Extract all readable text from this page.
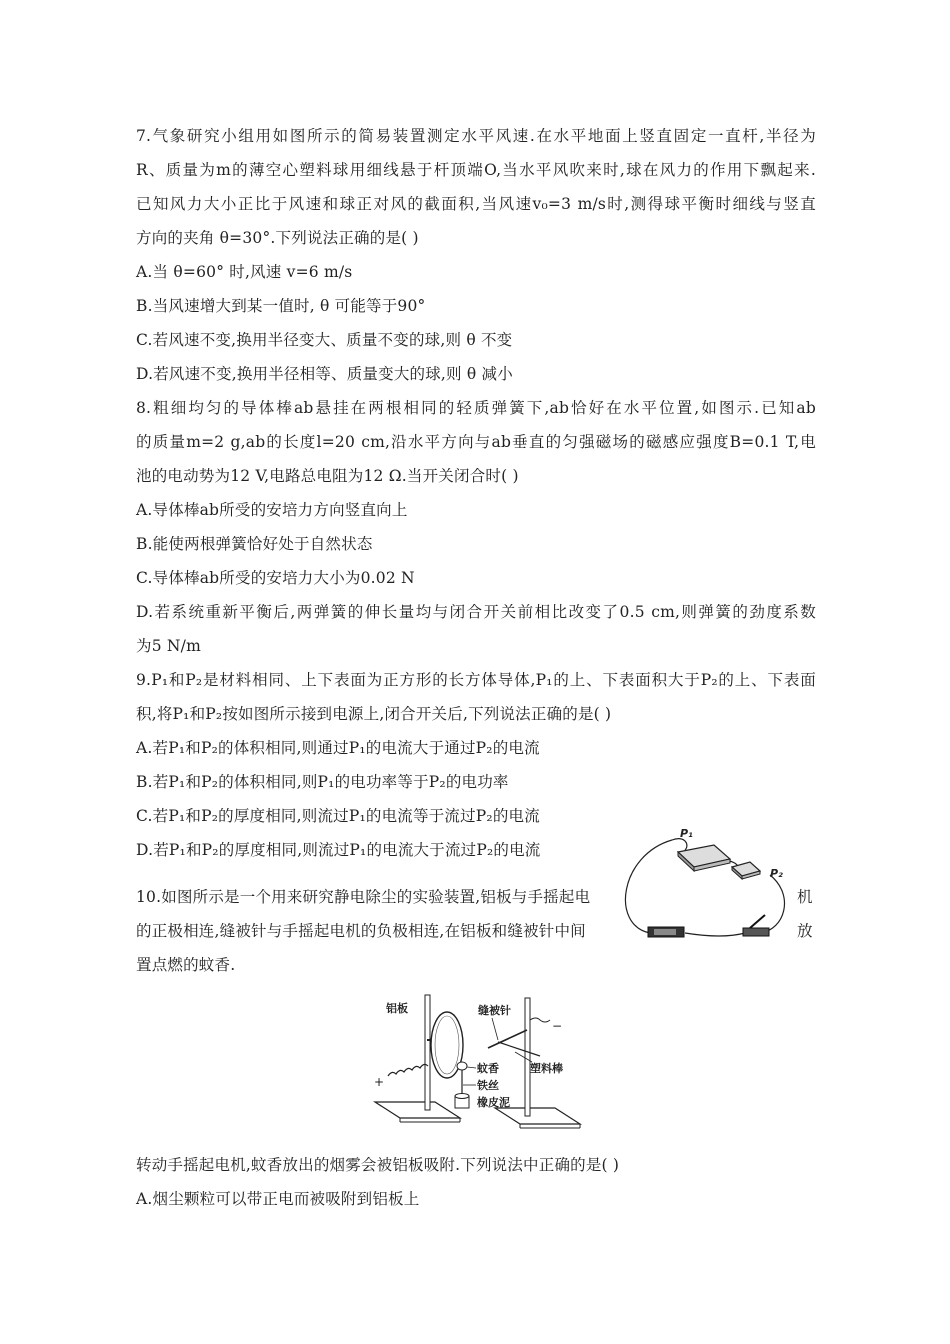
7.气象研究小组用如图所示的简易装置测定水平风速.在水平地面上竖直固定一直杆,半径为
R、质量为m的薄空心塑料球用细线悬于杆顶端O,当水平风吹来时,球在风力的作用下飘起来.
已知风力大小正比于风速和球正对风的截面积,当风速v₀=3 m/s时,测得球平衡时细线与竖直
方向的夹角 θ=30°.下列说法正确的是( )
A.当 θ=60° 时,风速 v=6 m/s
B.当风速增大到某一值时, θ 可能等于90°
C.若风速不变,换用半径变大、质量不变的球,则 θ 不变
D.若风速不变,换用半径相等、质量变大的球,则 θ 减小
8.粗细均匀的导体棒ab悬挂在两根相同的轻质弹簧下,ab恰好在水平位置,如图示.已知ab
的质量m=2 g,ab的长度l=20 cm,沿水平方向与ab垂直的匀强磁场的磁感应强度B=0.1 T,电
池的电动势为12 V,电路总电阻为12 Ω.当开关闭合时( )
A.导体棒ab所受的安培力方向竖直向上
B.能使两根弹簧恰好处于自然状态
C.导体棒ab所受的安培力大小为0.02 N
D.若系统重新平衡后,两弹簧的伸长量均与闭合开关前相比改变了0.5 cm,则弹簧的劲度系数
为5 N/m
9.P₁和P₂是材料相同、上下表面为正方形的长方体导体,P₁的上、下表面积大于P₂的上、下表面
积,将P₁和P₂按如图所示接到电源上,闭合开关后,下列说法正确的是( )
A.若P₁和P₂的体积相同,则通过P₁的电流大于通过P₂的电流
B.若P₁和P₂的体积相同,则P₁的电功率等于P₂的电功率
C.若P₁和P₂的厚度相同,则流过P₁的电流等于流过P₂的电流
D.若P₁和P₂的厚度相同,则流过P₁的电流大于流过P₂的电流
P₁
P₂
10.如图所示是一个用来研究静电除尘的实验装置,铝板与手摇起电	机
的正极相连,缝被针与手摇起电机的负极相连,在铝板和缝被针中间	放
置点燃的蚊香.
+
−
铝板	缝被针
蚊香
铁丝
橡皮泥
塑料棒
转动手摇起电机,蚊香放出的烟雾会被铝板吸附.下列说法中正确的是( )
A.烟尘颗粒可以带正电而被吸附到铝板上
